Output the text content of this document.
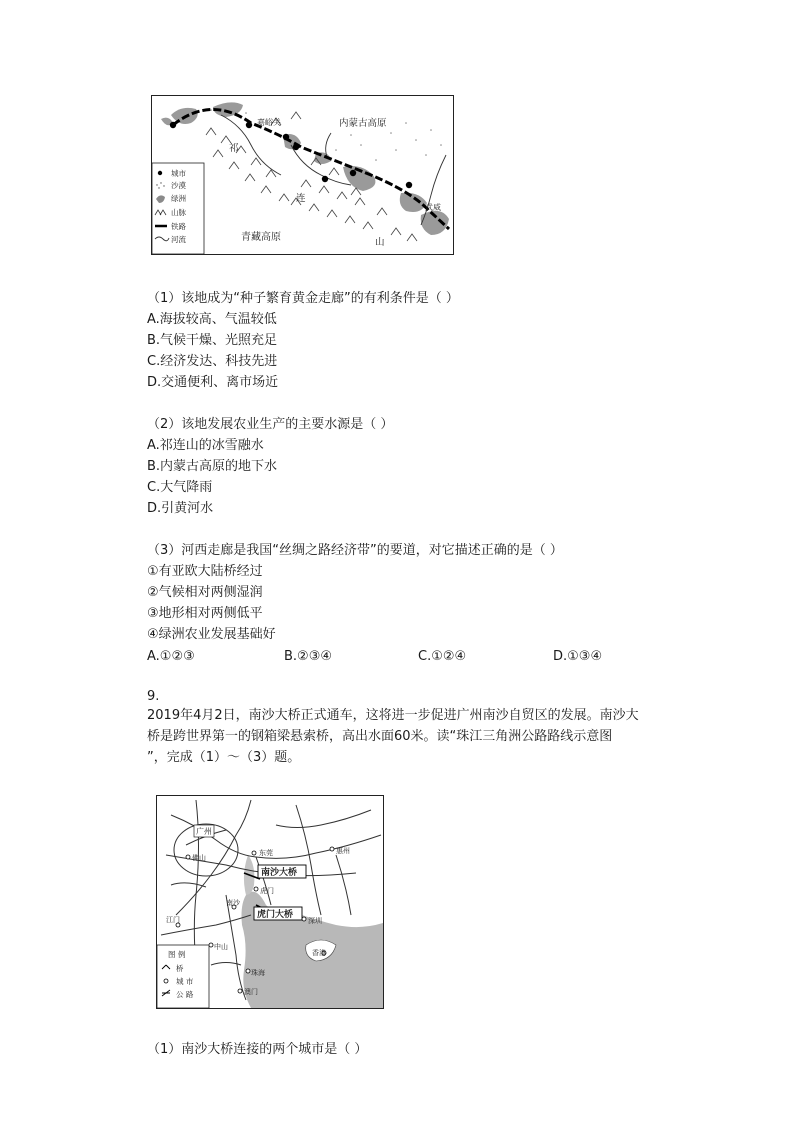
嘉峪关	内蒙古高原
祁
连
山
青藏高原
武威
城市
沙漠
绿洲
山脉
铁路
河流
（1）该地成为“种子繁育黄金走廊”的有利条件是（ ）
A.海拔较高、气温较低
B.气候干燥、光照充足
C.经济发达、科技先进
D.交通便利、离市场近
（2）该地发展农业生产的主要水源是（ ）
A.祁连山的冰雪融水
B.内蒙古高原的地下水
C.大气降雨
D.引黄河水
（3）河西走廊是我国“丝绸之路经济带”的要道，对它描述正确的是（ ）
①有亚欧大陆桥经过
②气候相对两侧湿润
③地形相对两侧低平
④绿洲农业发展基础好
A.①②③	B.②③④	C.①②④	D.①③④
9.
2019年4月2日，南沙大桥正式通车，这将进一步促进广州南沙自贸区的发展。南沙大
桥是跨世界第一的钢箱梁悬索桥，高出水面60米。读“珠江三角洲公路路线示意图
”，完成（1）～（3）题。
广州
佛山
东莞	惠州
虎门
南沙
深圳
江门
中山
香港
珠海
澳门
南沙大桥
虎门大桥
图 例
桥
城 市
公 路
（1）南沙大桥连接的两个城市是（ ）
